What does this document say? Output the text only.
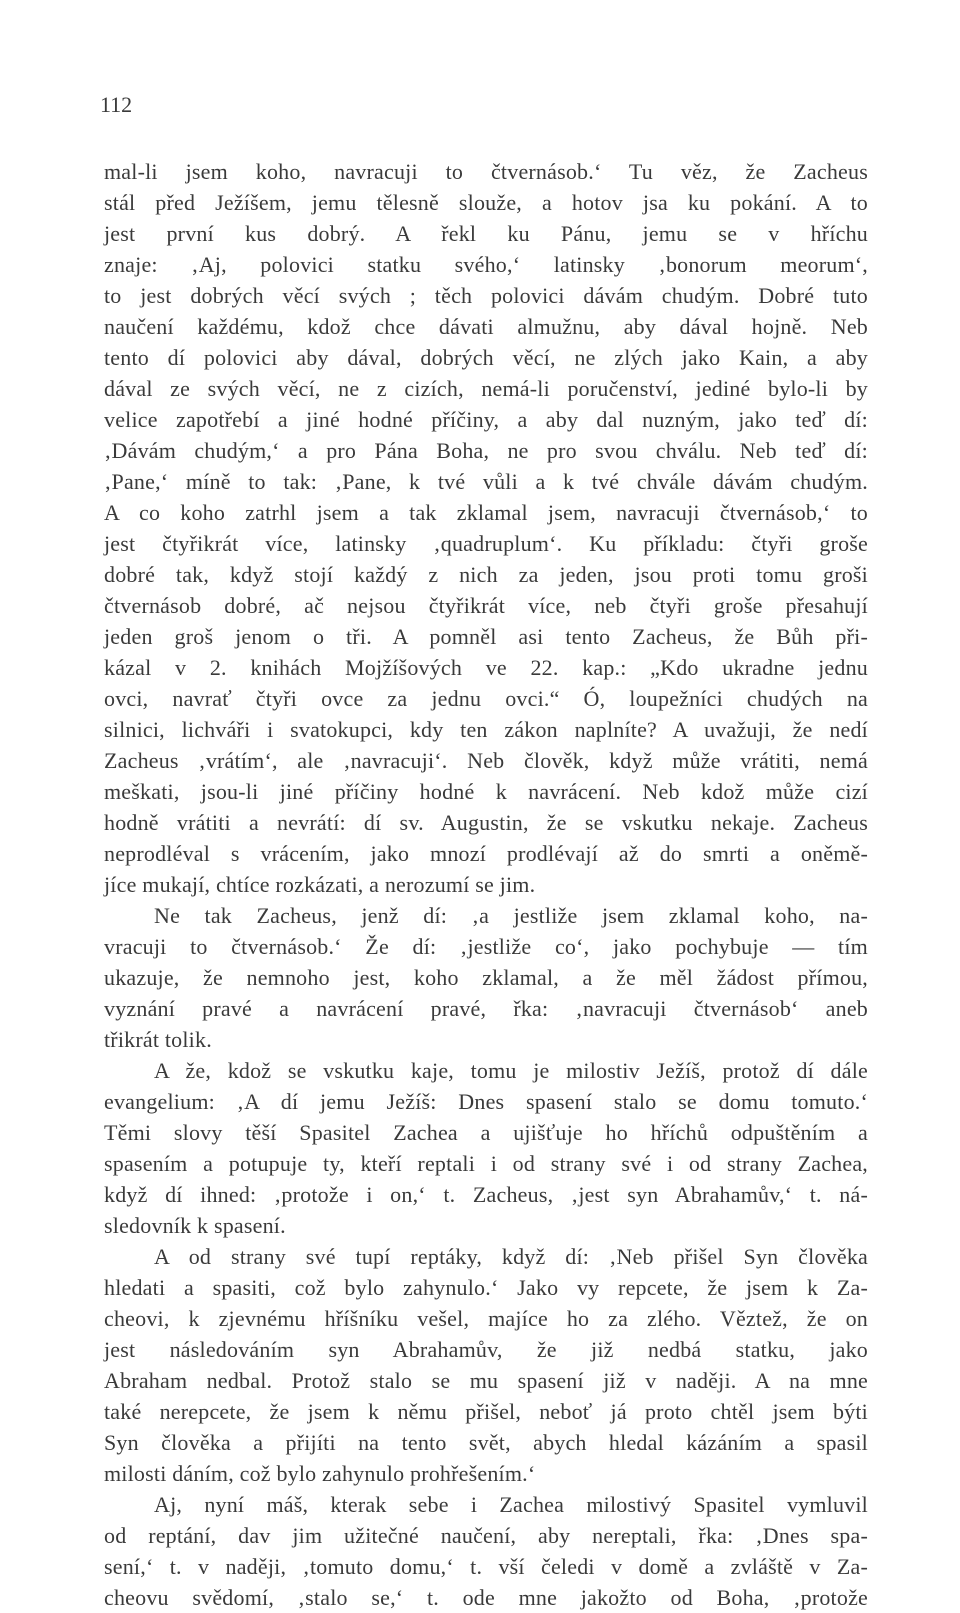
112
mal-li jsem koho, navracuji to čtvernásob.‘ Tu věz, že Zacheus
stál před Ježíšem, jemu tělesně slouže, a hotov jsa ku pokání. A to
jest první kus dobrý. A řekl ku Pánu, jemu se v hříchu
znaje: ‚Aj, polovici statku svého,‘ latinsky ‚bonorum meorum‘,
to jest dobrých věcí svých ; těch polovici dávám chudým. Dobré tuto
naučení každému, kdož chce dávati almužnu, aby dával hojně. Neb
tento dí polovici aby dával, dobrých věcí, ne zlých jako Kain, a aby
dával ze svých věcí, ne z cizích, nemá-li poručenství, jediné bylo-li by
velice zapotřebí a jiné hodné příčiny, a aby dal nuzným, jako teď dí:
‚Dávám chudým,‘ a pro Pána Boha, ne pro svou chválu. Neb teď dí:
‚Pane,‘ míně to tak: ‚Pane, k tvé vůli a k tvé chvále dávám chudým.
A co koho zatrhl jsem a tak zklamal jsem, navracuji čtvernásob,‘ to
jest čtyřikrát více, latinsky ‚quadruplum‘. Ku příkladu: čtyři groše
dobré tak, když stojí každý z nich za jeden, jsou proti tomu groši
čtvernásob dobré, ač nejsou čtyřikrát více, neb čtyři groše přesahují
jeden groš jenom o tři. A pomněl asi tento Zacheus, že Bůh při-
kázal v 2. knihách Mojžíšových ve 22. kap.: „Kdo ukradne jednu
ovci, navrať čtyři ovce za jednu ovci.“ Ó, loupežníci chudých na
silnici, lichváři i svatokupci, kdy ten zákon naplníte? A uvažuji, že nedí
Zacheus ‚vrátím‘, ale ‚navracuji‘. Neb člověk, když může vrátiti, nemá
meškati, jsou-li jiné příčiny hodné k navrácení. Neb kdož může cizí
hodně vrátiti a nevrátí: dí sv. Augustin, že se vskutku nekaje. Zacheus
neprodléval s vrácením, jako mnozí prodlévají až do smrti a oněmě-
jíce mukají, chtíce rozkázati, a nerozumí se jim.
Ne tak Zacheus, jenž dí: ‚a jestliže jsem zklamal koho, na-
vracuji to čtvernásob.‘ Že dí: ‚jestliže co‘, jako pochybuje — tím
ukazuje, že nemnoho jest, koho zklamal, a že měl žádost přímou,
vyznání pravé a navrácení pravé, řka: ‚navracuji čtvernásob‘ aneb
třikrát tolik.
A že, kdož se vskutku kaje, tomu je milostiv Ježíš, protož dí dále
evangelium: ‚A dí jemu Ježíš: Dnes spasení stalo se domu tomuto.‘
Těmi slovy těší Spasitel Zachea a ujišťuje ho hříchů odpuštěním a
spasením a potupuje ty, kteří reptali i od strany své i od strany Zachea,
když dí ihned: ‚protože i on,‘ t. Zacheus, ‚jest syn Abrahamův,‘ t. ná-
sledovník k spasení.
A od strany své tupí reptáky, když dí: ‚Neb přišel Syn člověka
hledati a spasiti, což bylo zahynulo.‘ Jako vy repcete, že jsem k Za-
cheovi, k zjevnému hříšníku vešel, majíce ho za zlého. Věztež, že on
jest následováním syn Abrahamův, že již nedbá statku, jako
Abraham nedbal. Protož stalo se mu spasení již v naději. A na mne
také nerepcete, že jsem k němu přišel, neboť já proto chtěl jsem býti
Syn člověka a přijíti na tento svět, abych hledal kázáním a spasil
milosti dáním, což bylo zahynulo prohřešením.‘
Aj, nyní máš, kterak sebe i Zachea milostivý Spasitel vymluvil
od reptání, dav jim užitečné naučení, aby nereptali, řka: ‚Dnes spa-
sení,‘ t. v naději, ‚tomuto domu,‘ t. vší čeledi v domě a zvláště v Za-
cheovu svědomí, ‚stalo se,‘ t. ode mne jakožto od Boha, ‚protože
